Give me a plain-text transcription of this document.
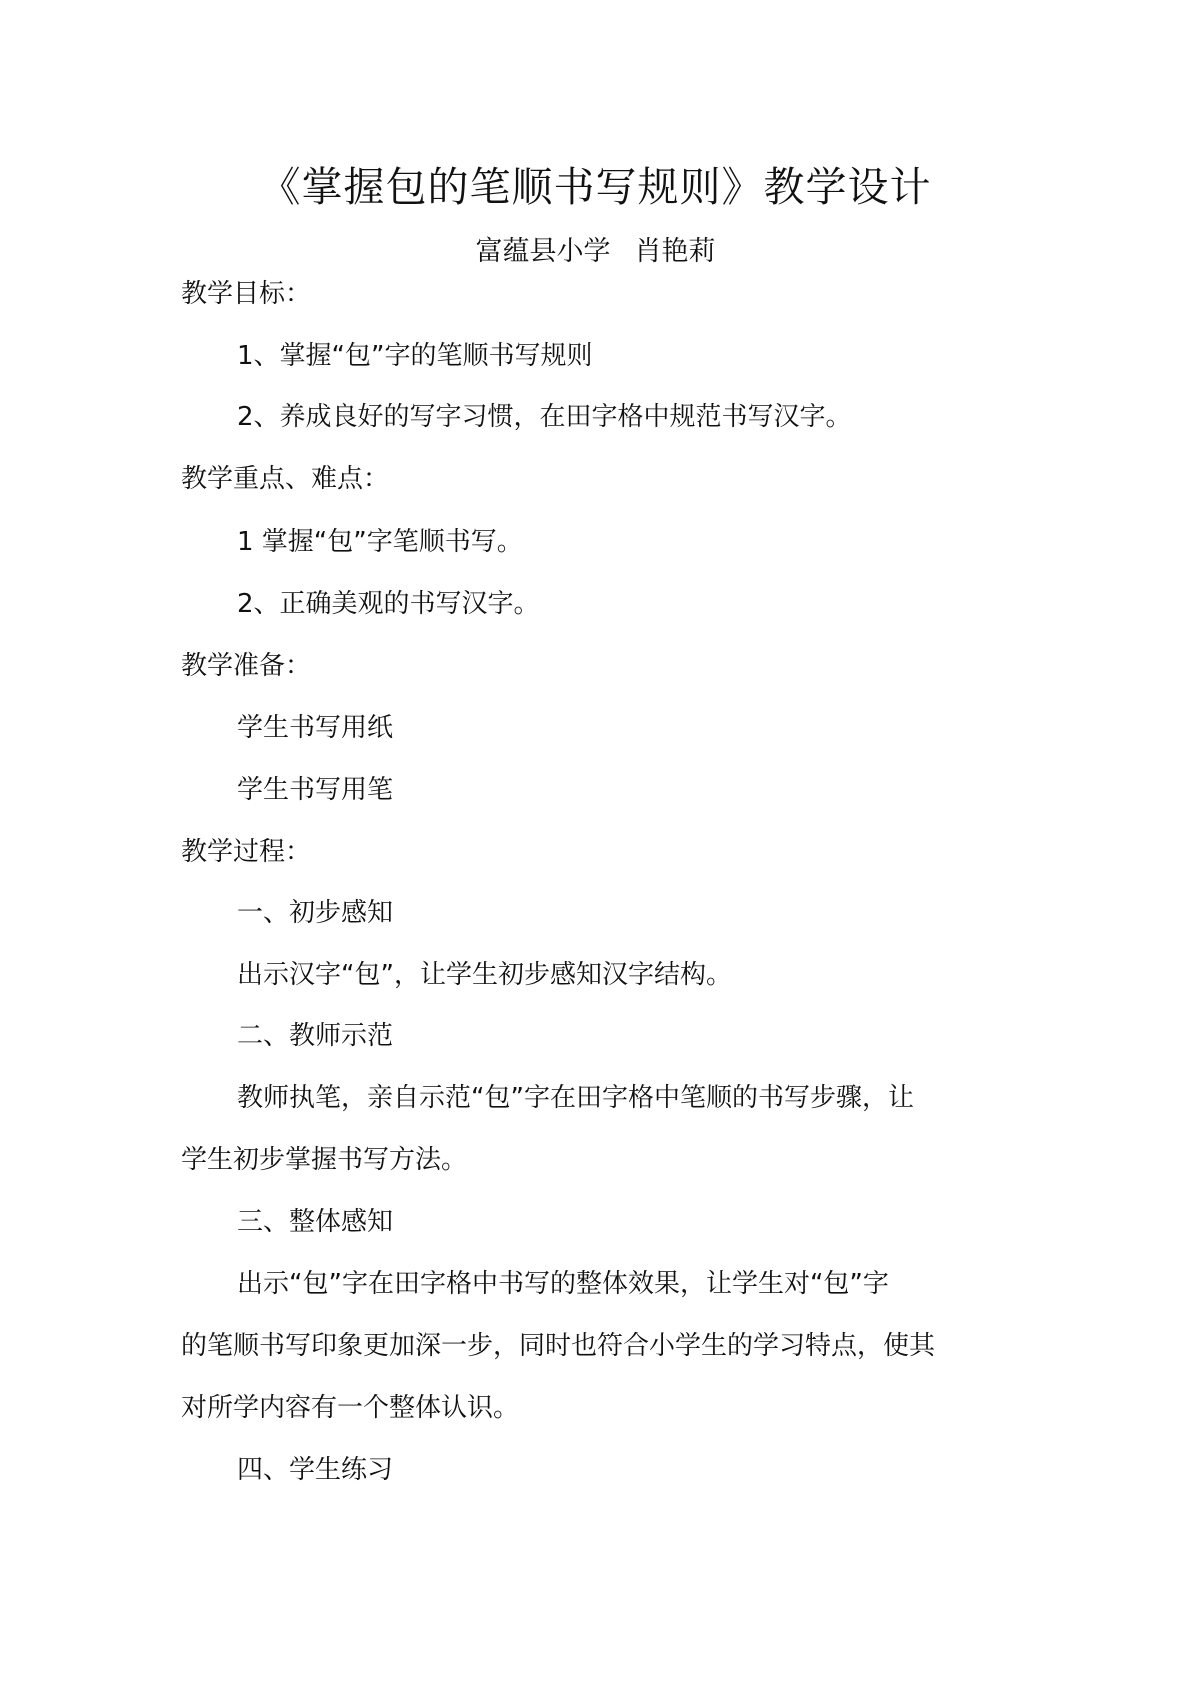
《掌握包的笔顺书写规则》教学设计
富蕴县小学 肖艳莉
教学目标：
1、掌握“包”字的笔顺书写规则
2、养成良好的写字习惯，在田字格中规范书写汉字。
教学重点、难点：
1 掌握“包”字笔顺书写。
2、正确美观的书写汉字。
教学准备：
学生书写用纸
学生书写用笔
教学过程：
一、初步感知
出示汉字“包”，让学生初步感知汉字结构。
二、教师示范
教师执笔，亲自示范“包”字在田字格中笔顺的书写步骤，让
学生初步掌握书写方法。
三、整体感知
出示“包”字在田字格中书写的整体效果，让学生对“包”字
的笔顺书写印象更加深一步，同时也符合小学生的学习特点，使其
对所学内容有一个整体认识。
四、学生练习
